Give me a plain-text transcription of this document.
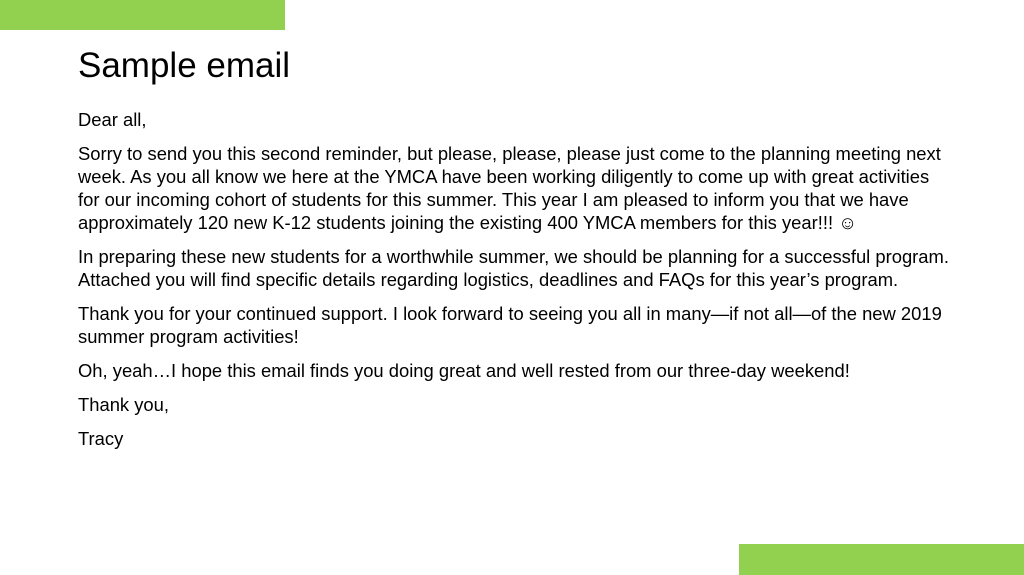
Sample email

Dear all,

Sorry to send you this second reminder, but please, please, please just come to the planning meeting next week. As you all know we here at the YMCA have been working diligently to come up with great activities for our incoming cohort of students for this summer. This year I am pleased to inform you that we have approximately 120 new K-12 students joining the existing 400 YMCA members for this year!!! ☺

In preparing these new students for a worthwhile summer, we should be planning for a successful program. Attached you will find specific details regarding logistics, deadlines and FAQs for this year’s program.

Thank you for your continued support. I look forward to seeing you all in many—if not all—of the new 2019 summer program activities!

Oh, yeah…I hope this email finds you doing great and well rested from our three-day weekend!

Thank you,

Tracy
